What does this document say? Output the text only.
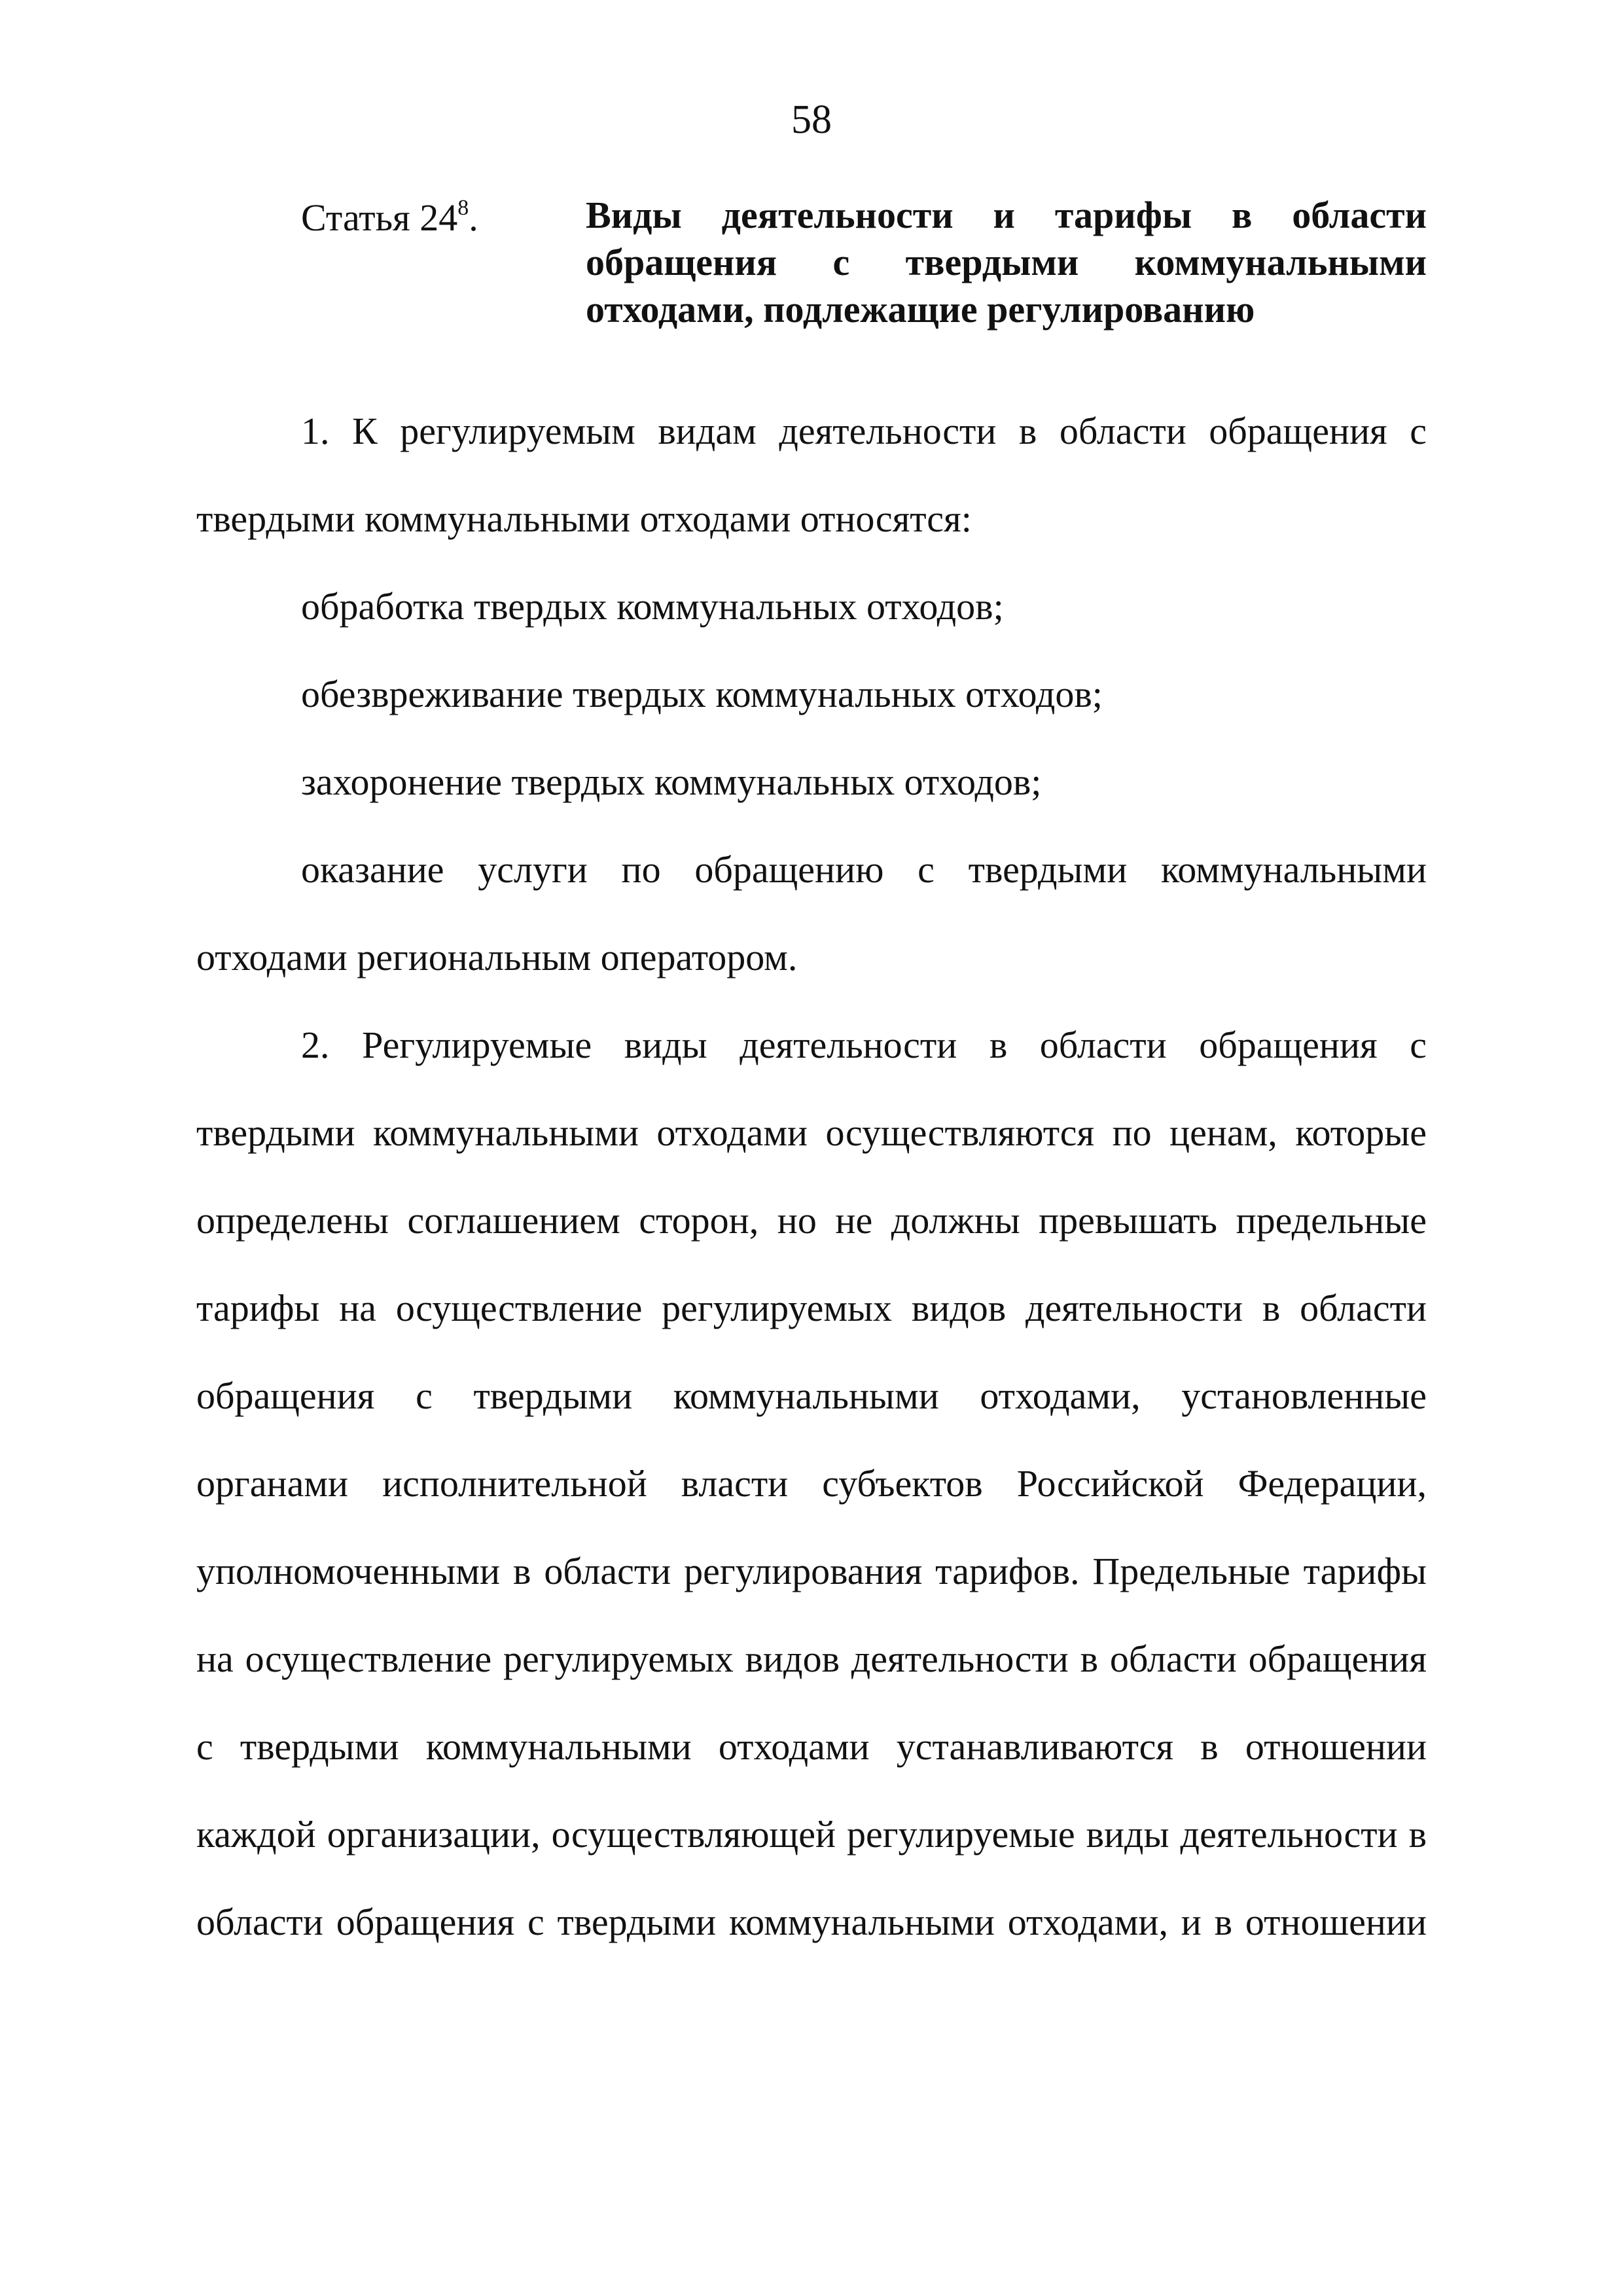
58
Статья $24^8$.	Виды деятельности и тарифы в области
обращения с твердыми коммунальными
отходами, подлежащие регулированию
1. К регулируемым видам деятельности в области обращения с
твердыми коммунальными отходами относятся:
обработка твердых коммунальных отходов;
обезвреживание твердых коммунальных отходов;
захоронение твердых коммунальных отходов;
оказание услуги по обращению с твердыми коммунальными
отходами региональным оператором.
2. Регулируемые виды деятельности в области обращения с
твердыми коммунальными отходами осуществляются по ценам, которые
определены соглашением сторон, но не должны превышать предельные
тарифы на осуществление регулируемых видов деятельности в области
обращения с твердыми коммунальными отходами, установленные
органами исполнительной власти субъектов Российской Федерации,
уполномоченными в области регулирования тарифов. Предельные тарифы
на осуществление регулируемых видов деятельности в области обращения
с твердыми коммунальными отходами устанавливаются в отношении
каждой организации, осуществляющей регулируемые виды деятельности в
области обращения с твердыми коммунальными отходами, и в отношении
